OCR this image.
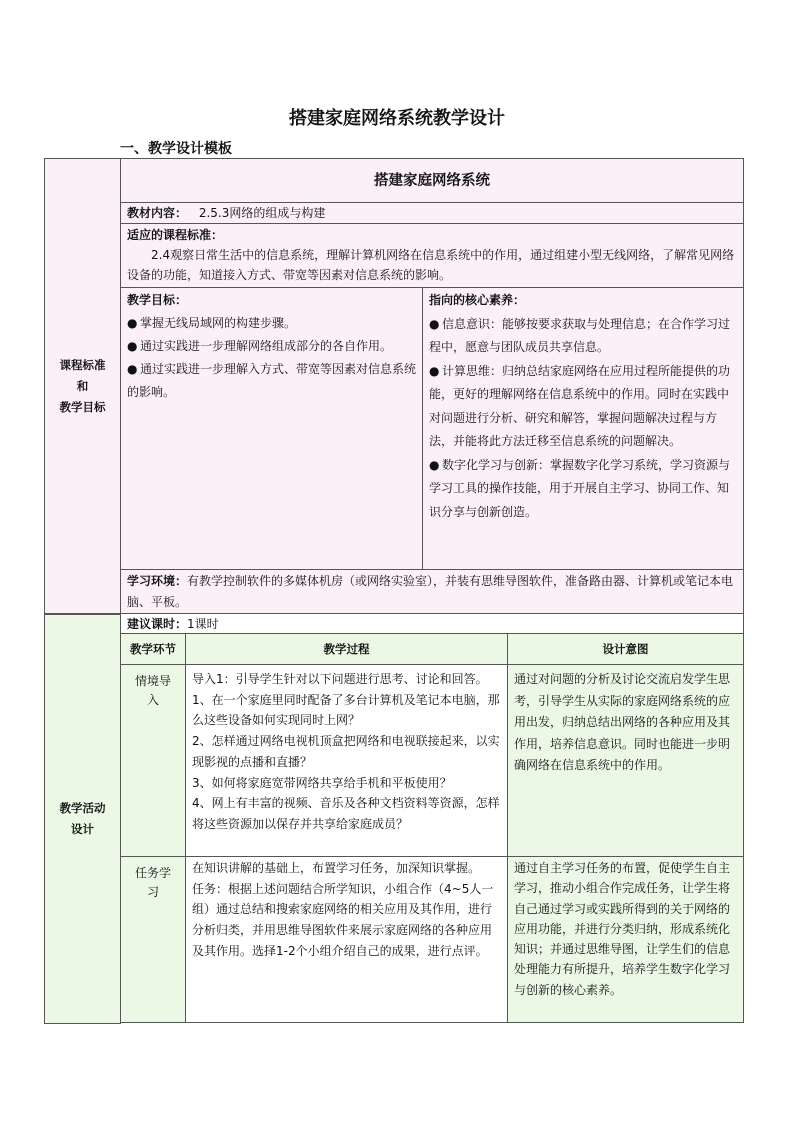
搭建家庭网络系统教学设计
一、教学设计模板
课程标准
和
教学目标
教学活动
设计
搭建家庭网络系统
教材内容： 2.5.3网络的组成与构建

适应的课程标准：

2.4观察日常生活中的信息系统，理解计算机网络在信息系统中的作用，通过组建小型无线网络，了解常见网络设备的功能，知道接入方式、带宽等因素对信息系统的影响。

教学目标：

● 掌握无线局域网的构建步骤。

● 通过实践进一步理解网络组成部分的各自作用。

● 通过实践进一步理解入方式、带宽等因素对信息系统的影响。

指向的核心素养：

● 信息意识：能够按要求获取与处理信息；在合作学习过程中，愿意与团队成员共享信息。

● 计算思维：归纳总结家庭网络在应用过程所能提供的功能，更好的理解网络在信息系统中的作用。同时在实践中对问题进行分析、研究和解答，掌握问题解决过程与方法，并能将此方法迁移至信息系统的问题解决。

● 数字化学习与创新：掌握数字化学习系统，学习资源与学习工具的操作技能，用于开展自主学习、协同工作、知识分享与创新创造。

学习环境：有教学控制软件的多媒体机房（或网络实验室），并装有思维导图软件，准备路由器、计算机或笔记本电脑、平板。
建议课时：1课时
教学环节	教学过程	设计意图
情境导入

导入1：引导学生针对以下问题进行思考、讨论和回答。

1、在一个家庭里同时配备了多台计算机及笔记本电脑，那么这些设备如何实现同时上网？

2、怎样通过网络电视机顶盒把网络和电视联接起来，以实现影视的点播和直播？

3、如何将家庭宽带网络共享给手机和平板使用？

4、网上有丰富的视频、音乐及各种文档资料等资源，怎样将这些资源加以保存并共享给家庭成员？

通过对问题的分析及讨论交流启发学生思考，引导学生从实际的家庭网络系统的应用出发，归纳总结出网络的各种应用及其作用，培养信息意识。同时也能进一步明确网络在信息系统中的作用。

任务学习

在知识讲解的基础上，布置学习任务，加深知识掌握。

任务：根据上述问题结合所学知识，小组合作（4~5人一组）通过总结和搜索家庭网络的相关应用及其作用，进行分析归类，并用思维导图软件来展示家庭网络的各种应用及其作用。选择1-2个小组介绍自己的成果，进行点评。

通过自主学习任务的布置，促使学生自主学习，推动小组合作完成任务，让学生将自己通过学习或实践所得到的关于网络的应用功能，并进行分类归纳，形成系统化知识；并通过思维导图，让学生们的信息处理能力有所提升，培养学生数字化学习与创新的核心素养。
